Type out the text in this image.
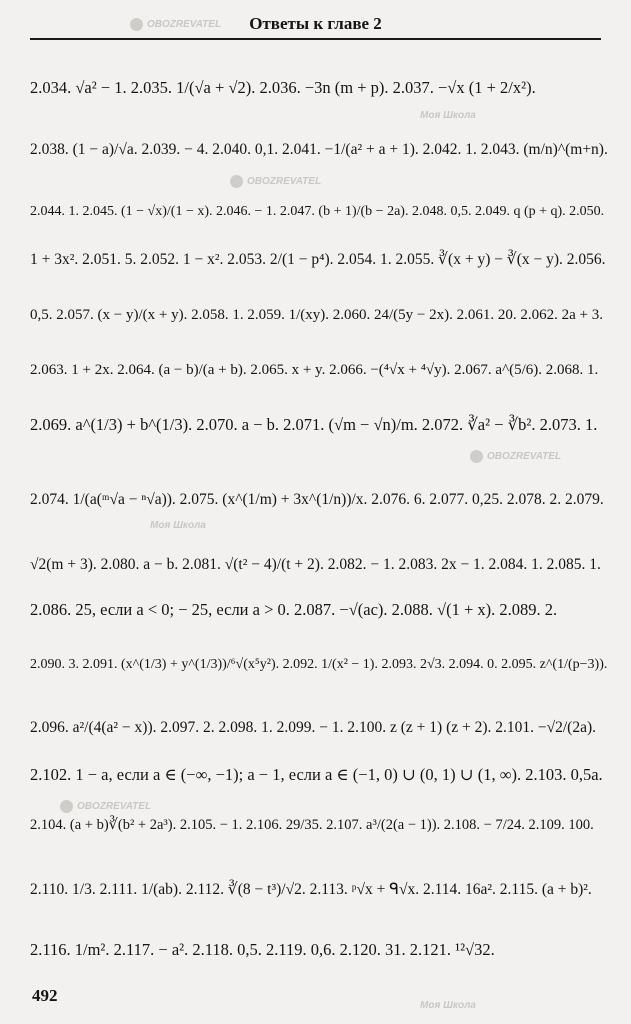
Ответы к главе 2
OBOZREVATEL
Моя Школа
OBOZREVATEL
OBOZREVATEL
Моя Школа
OBOZREVATEL
Моя Школа
2.034. √a² − 1. 2.035. 1/(√a + √2). 2.036. −3n (m + p). 2.037. −√x (1 + 2/x²).
2.038. (1 − a)/√a. 2.039. − 4. 2.040. 0,1. 2.041. −1/(a² + a + 1). 2.042. 1. 2.043. (m/n)^(m+n).
2.044. 1. 2.045. (1 − √x)/(1 − x). 2.046. − 1. 2.047. (b + 1)/(b − 2a). 2.048. 0,5. 2.049. q (p + q). 2.050.
1 + 3x². 2.051. 5. 2.052. 1 − x². 2.053. 2/(1 − p⁴). 2.054. 1. 2.055. ∛(x + y) − ∛(x − y). 2.056.
0,5. 2.057. (x − y)/(x + y). 2.058. 1. 2.059. 1/(xy). 2.060. 24/(5y − 2x). 2.061. 20. 2.062. 2a + 3.
2.063. 1 + 2x. 2.064. (a − b)/(a + b). 2.065. x + y. 2.066. −(⁴√x + ⁴√y). 2.067. a^(5/6). 2.068. 1.
2.069. a^(1/3) + b^(1/3). 2.070. a − b. 2.071. (√m − √n)/m. 2.072. ∛a² − ∛b². 2.073. 1.
2.074. 1/(a(ᵐ√a − ⁿ√a)). 2.075. (x^(1/m) + 3x^(1/n))/x. 2.076. 6. 2.077. 0,25. 2.078. 2. 2.079.
√2(m + 3). 2.080. a − b. 2.081. √(t² − 4)/(t + 2). 2.082. − 1. 2.083. 2x − 1. 2.084. 1. 2.085. 1.
2.086. 25, если a < 0; − 25, если a > 0. 2.087. −√(ac). 2.088. √(1 + x). 2.089. 2.
2.090. 3. 2.091. (x^(1/3) + y^(1/3))/⁶√(x⁵y²). 2.092. 1/(x² − 1). 2.093. 2√3. 2.094. 0. 2.095. z^(1/(p−3)).
2.096. a²/(4(a² − x)). 2.097. 2. 2.098. 1. 2.099. − 1. 2.100. z (z + 1) (z + 2). 2.101. −√2/(2a).
2.102. 1 − a, если a ∈ (−∞, −1); a − 1, если a ∈ (−1, 0) ∪ (0, 1) ∪ (1, ∞). 2.103. 0,5a.
2.104. (a + b)∛(b² + 2a³). 2.105. − 1. 2.106. 29/35. 2.107. a³/(2(a − 1)). 2.108. − 7/24. 2.109. 100.
2.110. 1/3. 2.111. 1/(ab). 2.112. ∛(8 − t³)/√2. 2.113. ᵖ√x + ᑫ√x. 2.114. 16a². 2.115. (a + b)².
2.116. 1/m². 2.117. − a². 2.118. 0,5. 2.119. 0,6. 2.120. 31. 2.121. ¹²√32.
492
